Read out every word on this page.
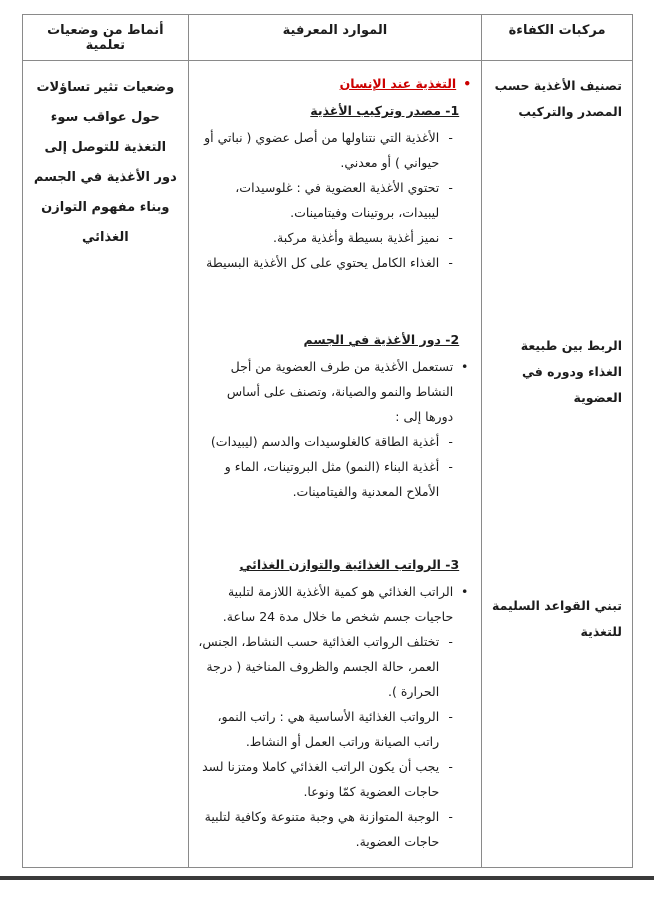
مركبات الكفاءة
الموارد المعرفية
أنماط من وضعيات تعلمية
تصنيف الأغذية حسب المصدر والتركيب
الربط بين طبيعة الغذاء ودوره في العضوية
تبني القواعد السليمة للتغذية
•
التغذية عند الإنسان
1- مصدر وتركيب الأغذية
-
الأغذية التي نتناولها من أصل عضوي ( نباتي أو حيواني ) أو معدني.
-
تحتوي الأغذية العضوية في : غلوسيدات، ليبيدات، بروتينات وفيتامينات.
-
نميز أغذية بسيطة وأغذية مركبة.
-
الغذاء الكامل يحتوي على كل الأغذية البسيطة
2- دور الأغذية في الجسم
•
تستعمل الأغذية من طرف العضوية من أجل النشاط والنمو والصيانة، وتصنف على أساس دورها إلى :
-
أغذية الطاقة كالغلوسيدات والدسم (ليبيدات)
-
أغذية البناء (النمو) مثل البروتينات، الماء و الأملاح المعدنية والفيتامينات.
3- الرواتب الغذائية والتوازن الغذائي
•
الراتب الغذائي هو كمية الأغذية اللازمة لتلبية حاجيات جسم شخص ما خلال مدة 24 ساعة.
-
تختلف الرواتب الغذائية حسب النشاط، الجنس، العمر، حالة الجسم والظروف المناخية ( درجة الحرارة ).
-
الرواتب الغذائية الأساسية هي : راتب النمو، راتب الصيانة وراتب العمل أو النشاط.
-
يجب أن يكون الراتب الغذائي كاملا ومتزنا لسد حاجات العضوية كمّا ونوعا.
-
الوجبة المتوازنة هي وجبة متنوعة وكافية لتلبية حاجات العضوية.
وضعيات تثير تساؤلات حول عواقب سوء التغذية للتوصل إلى دور الأغذية في الجسم وبناء مفهوم التوازن الغذائي
